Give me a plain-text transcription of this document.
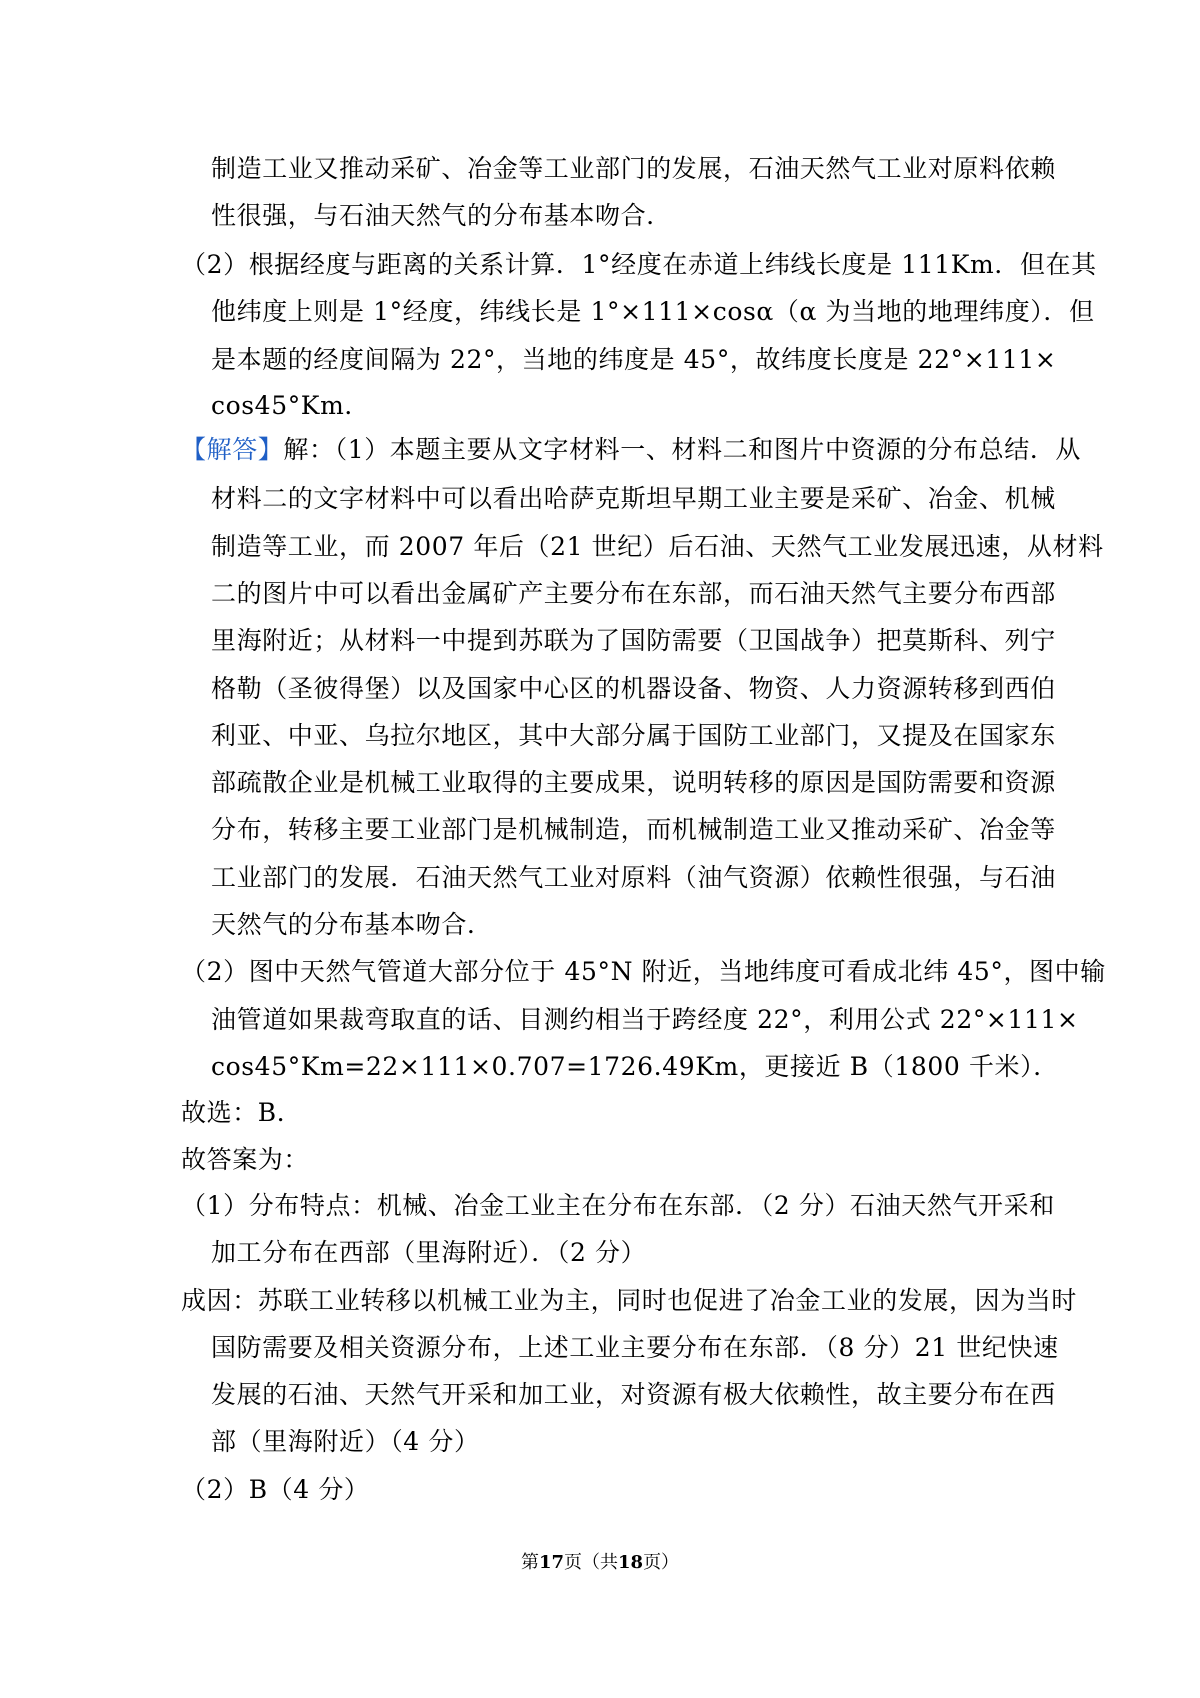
制造工业又推动采矿、冶金等工业部门的发展，石油天然气工业对原料依赖
性很强，与石油天然气的分布基本吻合．
（2）根据经度与距离的关系计算．1°经度在赤道上纬线长度是 111Km．但在其
他纬度上则是 1°经度，纬线长是 1°×111×cosα（α 为当地的地理纬度）．但
是本题的经度间隔为 22°，当地的纬度是 45°，故纬度长度是 22°×111×
cos45°Km．
【解答】解：（1）本题主要从文字材料一、材料二和图片中资源的分布总结．从
材料二的文字材料中可以看出哈萨克斯坦早期工业主要是采矿、冶金、机械
制造等工业，而 2007 年后（21 世纪）后石油、天然气工业发展迅速，从材料
二的图片中可以看出金属矿产主要分布在东部，而石油天然气主要分布西部
里海附近；从材料一中提到苏联为了国防需要（卫国战争）把莫斯科、列宁
格勒（圣彼得堡）以及国家中心区的机器设备、物资、人力资源转移到西伯
利亚、中亚、乌拉尔地区，其中大部分属于国防工业部门，又提及在国家东
部疏散企业是机械工业取得的主要成果，说明转移的原因是国防需要和资源
分布，转移主要工业部门是机械制造，而机械制造工业又推动采矿、冶金等
工业部门的发展．石油天然气工业对原料（油气资源）依赖性很强，与石油
天然气的分布基本吻合．
（2）图中天然气管道大部分位于 45°N 附近，当地纬度可看成北纬 45°，图中输
油管道如果裁弯取直的话、目测约相当于跨经度 22°，利用公式 22°×111×
cos45°Km=22×111×0.707=1726.49Km，更接近 B（1800 千米）．
故选：B．
故答案为：
（1）分布特点：机械、冶金工业主在分布在东部．（2 分）石油天然气开采和
加工分布在西部（里海附近）．（2 分）
成因：苏联工业转移以机械工业为主，同时也促进了冶金工业的发展，因为当时
国防需要及相关资源分布，上述工业主要分布在东部．（8 分）21 世纪快速
发展的石油、天然气开采和加工业，对资源有极大依赖性，故主要分布在西
部（里海附近）（4 分）
（2）B（4 分）
第17页（共18页）
